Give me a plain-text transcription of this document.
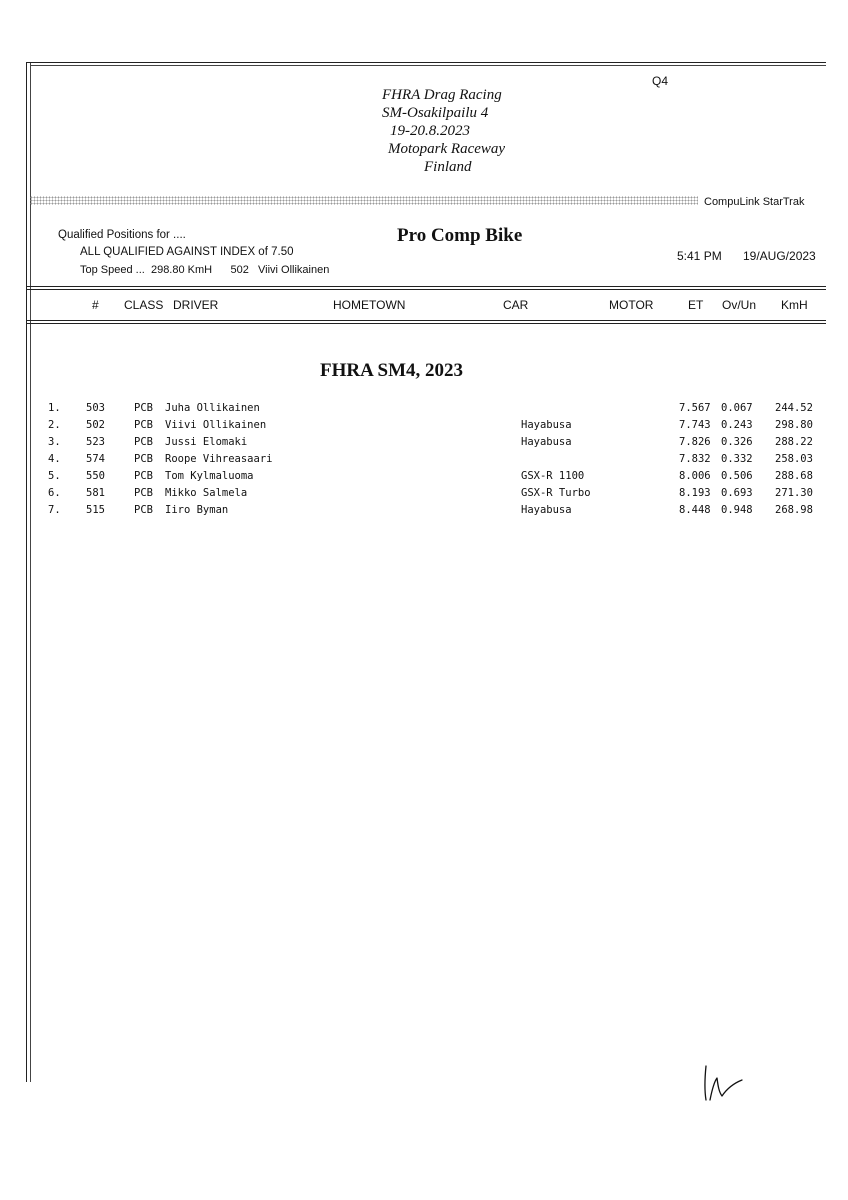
Q4
FHRA Drag Racing
SM-Osakilpailu 4
19-20.8.2023
Motopark Raceway
Finland
CompuLink StarTrak
Qualified Positions for ....	Pro Comp Bike
ALL QUALIFIED AGAINST INDEX of 7.50
Top Speed ... 298.80 KmH 502 Viivi Ollikainen
5:41 PM 19/AUG/2023
# CLASS DRIVER	HOMETOWN	CAR	MOTOR	ET Ov/Un KmH
FHRA SM4, 2023
1. 503	PCB Juha Ollikainen	7.567 0.067 244.52
2. 502	PCB Viivi Ollikainen	Hayabusa	7.743 0.243 298.80
3. 523	PCB Jussi Elomaki	Hayabusa	7.826 0.326 288.22
4. 574	PCB Roope Vihreasaari	7.832 0.332 258.03
5. 550	PCB Tom Kylmaluoma	GSX-R 1100	8.006 0.506 288.68
6. 581	PCB Mikko Salmela	GSX-R Turbo	8.193 0.693 271.30
7. 515	PCB Iiro Byman	Hayabusa	8.448 0.948 268.98
